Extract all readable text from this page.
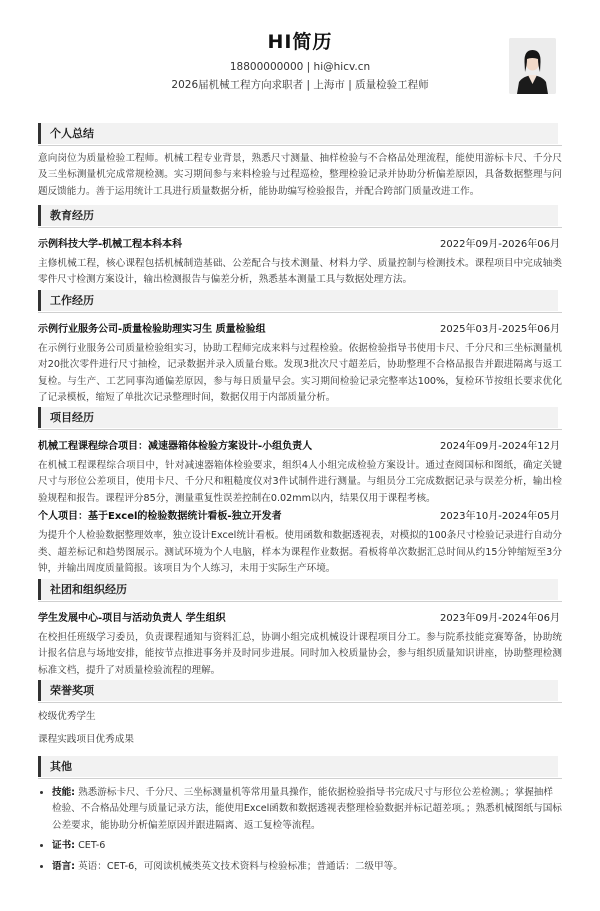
HI简历
18800000000 | hi@hicv.cn
2026届机械工程方向求职者 | 上海市 | 质量检验工程师
个人总结
意向岗位为质量检验工程师。机械工程专业背景，熟悉尺寸测量、抽样检验与不合格品处理流程，能使用游标卡尺、千分尺及三坐标测量机完成常规检测。实习期间参与来料检验与过程巡检，整理检验记录并协助分析偏差原因，具备数据整理与问题反馈能力。善于运用统计工具进行质量数据分析，能协助编写检验报告，并配合跨部门质量改进工作。
教育经历
示例科技大学-机械工程本科本科	2022年09月-2026年06月
主修机械工程，核心课程包括机械制造基础、公差配合与技术测量、材料力学、质量控制与检测技术。课程项目中完成轴类零件尺寸检测方案设计，输出检测报告与偏差分析，熟悉基本测量工具与数据处理方法。
工作经历
示例行业服务公司-质量检验助理实习生 质量检验组	2025年03月-2025年06月
在示例行业服务公司质量检验组实习，协助工程师完成来料与过程检验。依据检验指导书使用卡尺、千分尺和三坐标测量机对20批次零件进行尺寸抽检，记录数据并录入质量台账。发现3批次尺寸超差后，协助整理不合格品报告并跟进隔离与返工复检。与生产、工艺同事沟通偏差原因，参与每日质量早会。实习期间检验记录完整率达100%，复检环节按组长要求优化了记录模板，缩短了单批次记录整理时间，数据仅用于内部质量分析。
项目经历
机械工程课程综合项目：减速器箱体检验方案设计-小组负责人	2024年09月-2024年12月
在机械工程课程综合项目中，针对减速器箱体检验要求，组织4人小组完成检验方案设计。通过查阅国标和图纸，确定关键尺寸与形位公差项目，使用卡尺、千分尺和粗糙度仪对3件试制件进行测量。与组员分工完成数据记录与误差分析，输出检验规程和报告。课程评分85分，测量重复性误差控制在0.02mm以内，结果仅用于课程考核。
个人项目：基于Excel的检验数据统计看板-独立开发者	2023年10月-2024年05月
为提升个人检验数据整理效率，独立设计Excel统计看板。使用函数和数据透视表，对模拟的100条尺寸检验记录进行自动分类、超差标记和趋势图展示。测试环境为个人电脑，样本为课程作业数据。看板将单次数据汇总时间从约15分钟缩短至3分钟，并输出周度质量简报。该项目为个人练习，未用于实际生产环境。
社团和组织经历
学生发展中心-项目与活动负责人 学生组织	2023年09月-2024年06月
在校担任班级学习委员，负责课程通知与资料汇总，协调小组完成机械设计课程项目分工。参与院系技能竞赛筹备，协助统计报名信息与场地安排，能按节点推进事务并及时同步进展。同时加入校质量协会，参与组织质量知识讲座，协助整理检测标准文档，提升了对质量检验流程的理解。
荣誉奖项
校级优秀学生
课程实践项目优秀成果
其他
• 技能: 熟悉游标卡尺、千分尺、三坐标测量机等常用量具操作，能依据检验指导书完成尺寸与形位公差检测。；掌握抽样检验、不合格品处理与质量记录方法，能使用Excel函数和数据透视表整理检验数据并标记超差项。；熟悉机械图纸与国标公差要求，能协助分析偏差原因并跟进隔离、返工复检等流程。
• 证书: CET-6
• 语言: 英语：CET-6，可阅读机械类英文技术资料与检验标准；普通话：二级甲等。
